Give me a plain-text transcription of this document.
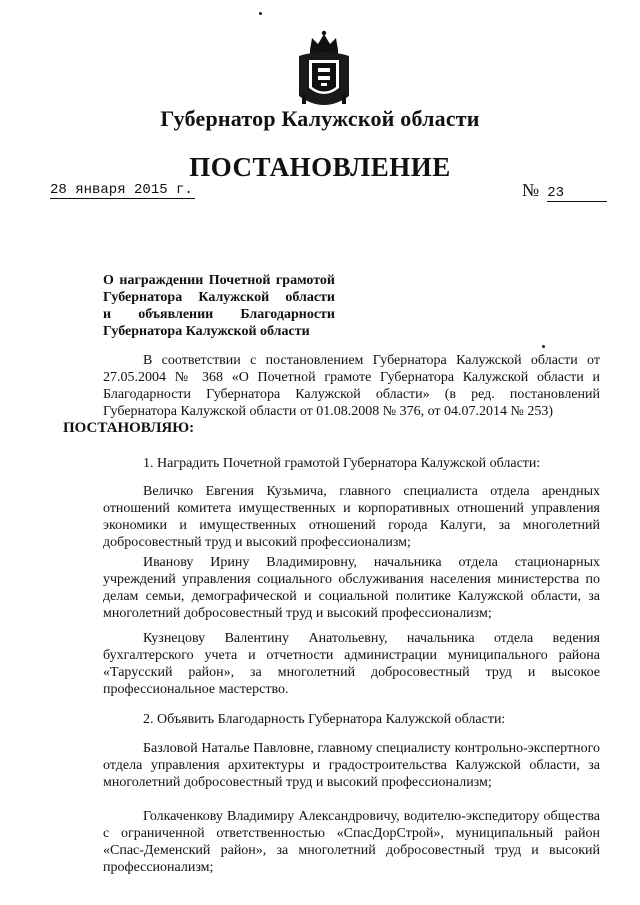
Губернатор Калужской области
ПОСТАНОВЛЕНИЕ
28 января 2015 г.	№ 23
О награждении Почетной грамотой
Губернатора Калужской области
и объявлении Благодарности
Губернатора Калужской области
В соответствии с постановлением Губернатора Калужской области от 27.05.2004 № 368 «О Почетной грамоте Губернатора Калужской области и Благодарности Губернатора Калужской области» (в ред. постановлений Губернатора Калужской области от 01.08.2008 № 376, от 04.07.2014 № 253)
ПОСТАНОВЛЯЮ:
1. Наградить Почетной грамотой Губернатора Калужской области:
Величко Евгения Кузьмича, главного специалиста отдела арендных отношений комитета имущественных и корпоративных отношений управления экономики и имущественных отношений города Калуги, за многолетний добросовестный труд и высокий профессионализм;
Иванову Ирину Владимировну, начальника отдела стационарных учреждений управления социального обслуживания населения министерства по делам семьи, демографической и социальной политике Калужской области, за многолетний добросовестный труд и высокий профессионализм;
Кузнецову Валентину Анатольевну, начальника отдела ведения бухгалтерского учета и отчетности администрации муниципального района «Тарусский район», за многолетний добросовестный труд и высокое профессиональное мастерство.
2. Объявить Благодарность Губернатора Калужской области:
Базловой Наталье Павловне, главному специалисту контрольно-экспертного отдела управления архитектуры и градостроительства Калужской области, за многолетний добросовестный труд и высокий профессионализм;
Голкаченкову Владимиру Александровичу, водителю-экспедитору общества с ограниченной ответственностью «СпасДорСтрой», муниципальный район «Спас-Деменский район», за многолетний добросовестный труд и высокий профессионализм;
